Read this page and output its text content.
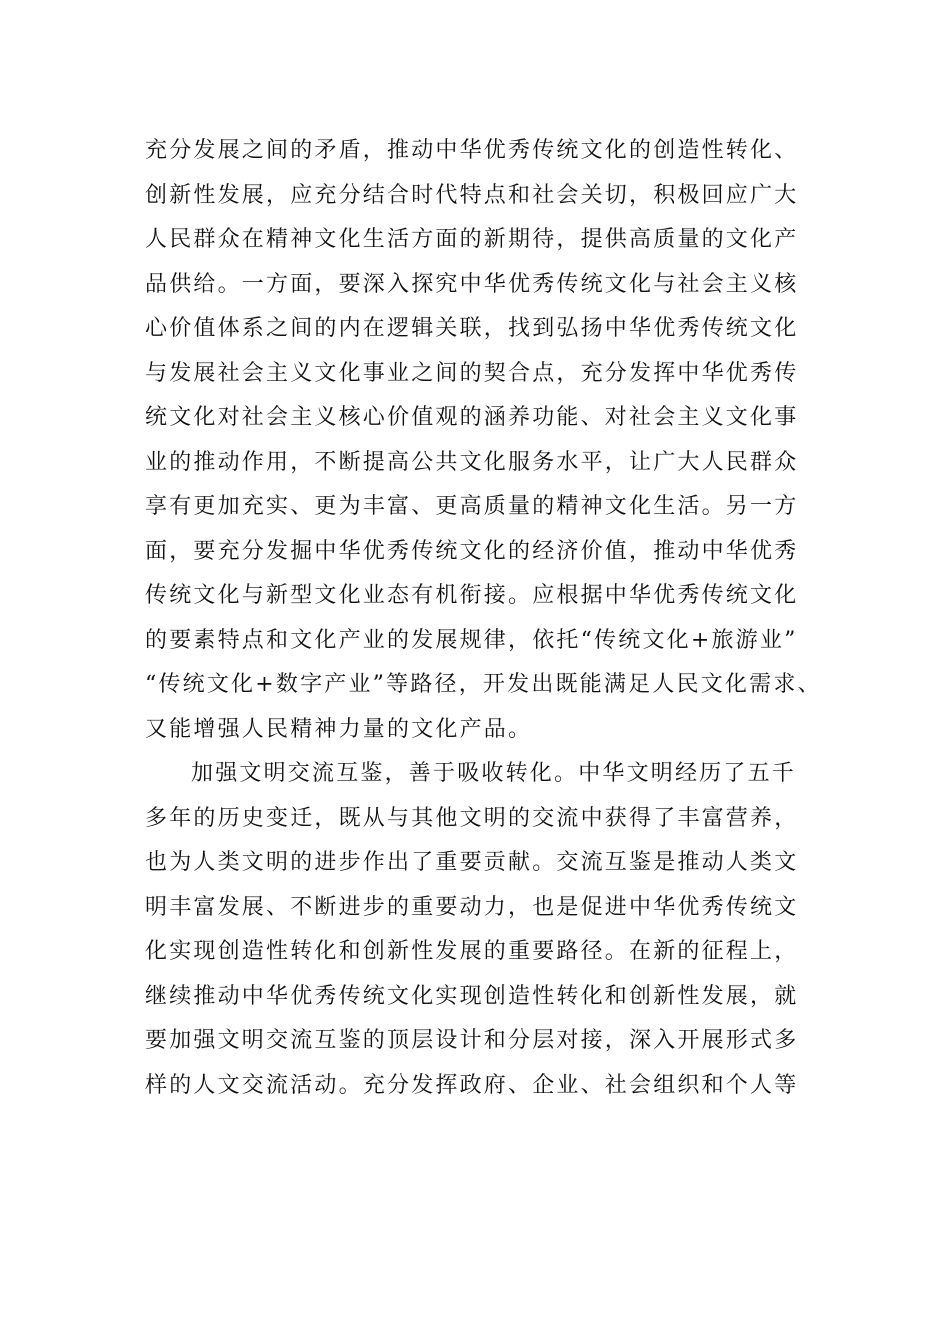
充分发展之间的矛盾，推动中华优秀传统文化的创造性转化、
创新性发展，应充分结合时代特点和社会关切，积极回应广大
人民群众在精神文化生活方面的新期待，提供高质量的文化产
品供给。一方面，要深入探究中华优秀传统文化与社会主义核
心价值体系之间的内在逻辑关联，找到弘扬中华优秀传统文化
与发展社会主义文化事业之间的契合点，充分发挥中华优秀传
统文化对社会主义核心价值观的涵养功能、对社会主义文化事
业的推动作用，不断提高公共文化服务水平，让广大人民群众
享有更加充实、更为丰富、更高质量的精神文化生活。另一方
面，要充分发掘中华优秀传统文化的经济价值，推动中华优秀
传统文化与新型文化业态有机衔接。应根据中华优秀传统文化
的要素特点和文化产业的发展规律，依托“传统文化+旅游业”
“传统文化+数字产业”等路径，开发出既能满足人民文化需求、
又能增强人民精神力量的文化产品。
加强文明交流互鉴，善于吸收转化。中华文明经历了五千
多年的历史变迁，既从与其他文明的交流中获得了丰富营养，
也为人类文明的进步作出了重要贡献。交流互鉴是推动人类文
明丰富发展、不断进步的重要动力，也是促进中华优秀传统文
化实现创造性转化和创新性发展的重要路径。在新的征程上，
继续推动中华优秀传统文化实现创造性转化和创新性发展，就
要加强文明交流互鉴的顶层设计和分层对接，深入开展形式多
样的人文交流活动。充分发挥政府、企业、社会组织和个人等
